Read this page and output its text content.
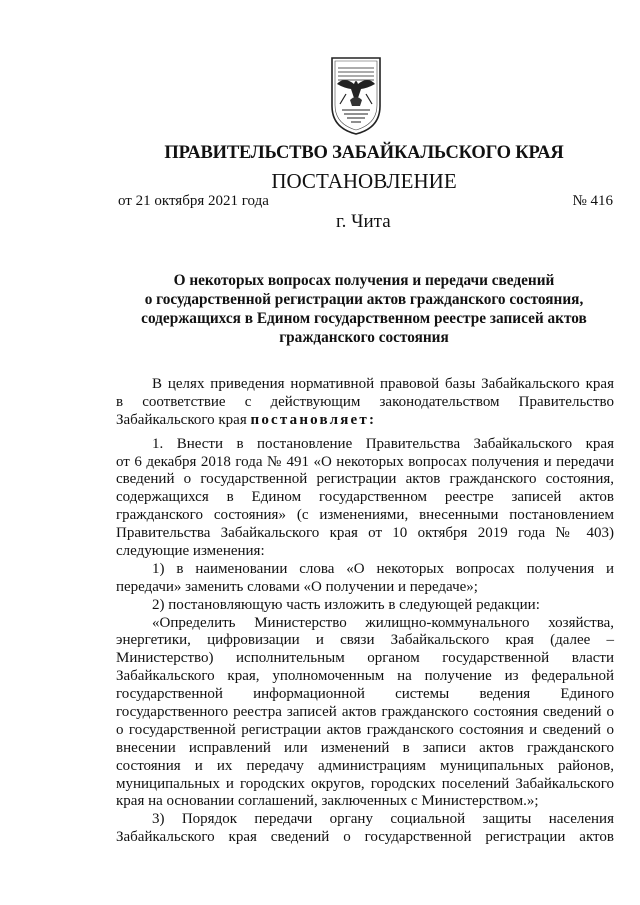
ПРАВИТЕЛЬСТВО ЗАБАЙКАЛЬСКОГО КРАЯ
ПОСТАНОВЛЕНИЕ
от 21 октября 2021 года	№ 416
г. Чита
О некоторых вопросах получения и передачи сведений
о государственной регистрации актов гражданского состояния,
содержащихся в Едином государственном реестре записей актов
гражданского состояния
В целях приведения нормативной правовой базы Забайкальского края
в соответствие с действующим законодательством Правительство
Забайкальского края постановляет:
1. Внести в постановление Правительства Забайкальского края
от 6 декабря 2018 года № 491 «О некоторых вопросах получения и передачи
сведений о государственной регистрации актов гражданского состояния,
содержащихся в Едином государственном реестре записей актов
гражданского состояния» (с изменениями, внесенными постановлением
Правительства Забайкальского края от 10 октября 2019 года № 403)
следующие изменения:
1) в наименовании слова «О некоторых вопросах получения и
передачи» заменить словами «О получении и передаче»;
2) постановляющую часть изложить в следующей редакции:
«Определить Министерство жилищно-коммунального хозяйства,
энергетики, цифровизации и связи Забайкальского края (далее –
Министерство) исполнительным органом государственной власти
Забайкальского края, уполномоченным на получение из федеральной
государственной информационной системы ведения Единого
государственного реестра записей актов гражданского состояния сведений о
о государственной регистрации актов гражданского состояния и сведений о
внесении исправлений или изменений в записи актов гражданского
состояния и их передачу администрациям муниципальных районов,
муниципальных и городских округов, городских поселений Забайкальского
края на основании соглашений, заключенных с Министерством.»;
3) Порядок передачи органу социальной защиты населения
Забайкальского края сведений о государственной регистрации актов
